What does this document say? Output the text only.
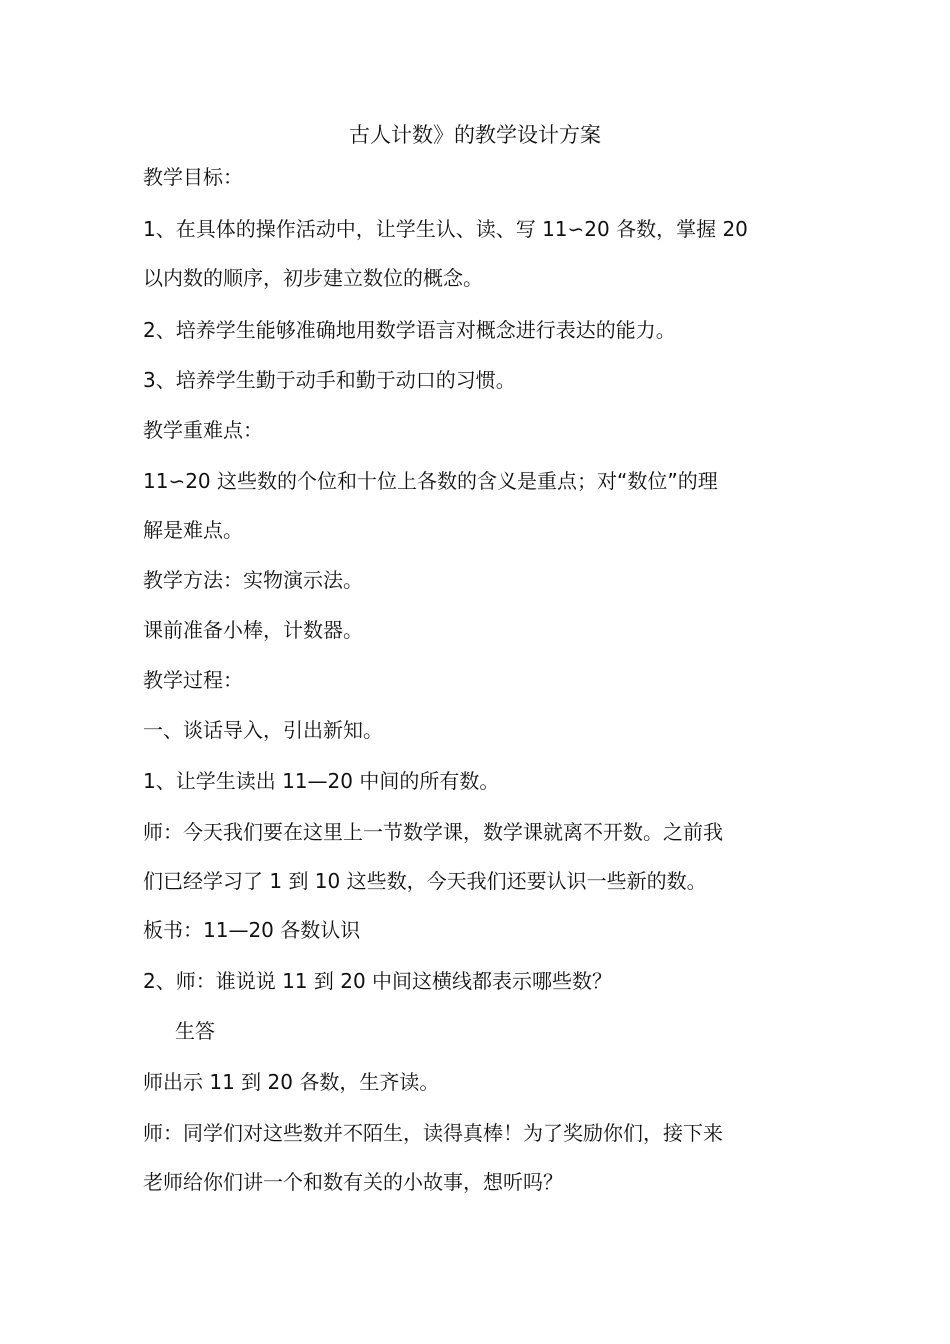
古人计数》的教学设计方案
教学目标：
1、在具体的操作活动中，让学生认、读、写 11∽20 各数，掌握 20
以内数的顺序，初步建立数位的概念。
2、培养学生能够准确地用数学语言对概念进行表达的能力。
3、培养学生勤于动手和勤于动口的习惯。
教学重难点：
11∽20 这些数的个位和十位上各数的含义是重点；对“数位”的理
解是难点。
教学方法：实物演示法。
课前准备小棒，计数器。
教学过程：
一、谈话导入，引出新知。
1、让学生读出 11—20 中间的所有数。
师：今天我们要在这里上一节数学课，数学课就离不开数。之前我
们已经学习了 1 到 10 这些数，今天我们还要认识一些新的数。
板书：11—20 各数认识
2、师：谁说说 11 到 20 中间这横线都表示哪些数？
生答
师出示 11 到 20 各数，生齐读。
师：同学们对这些数并不陌生，读得真棒！为了奖励你们，接下来
老师给你们讲一个和数有关的小故事，想听吗？
